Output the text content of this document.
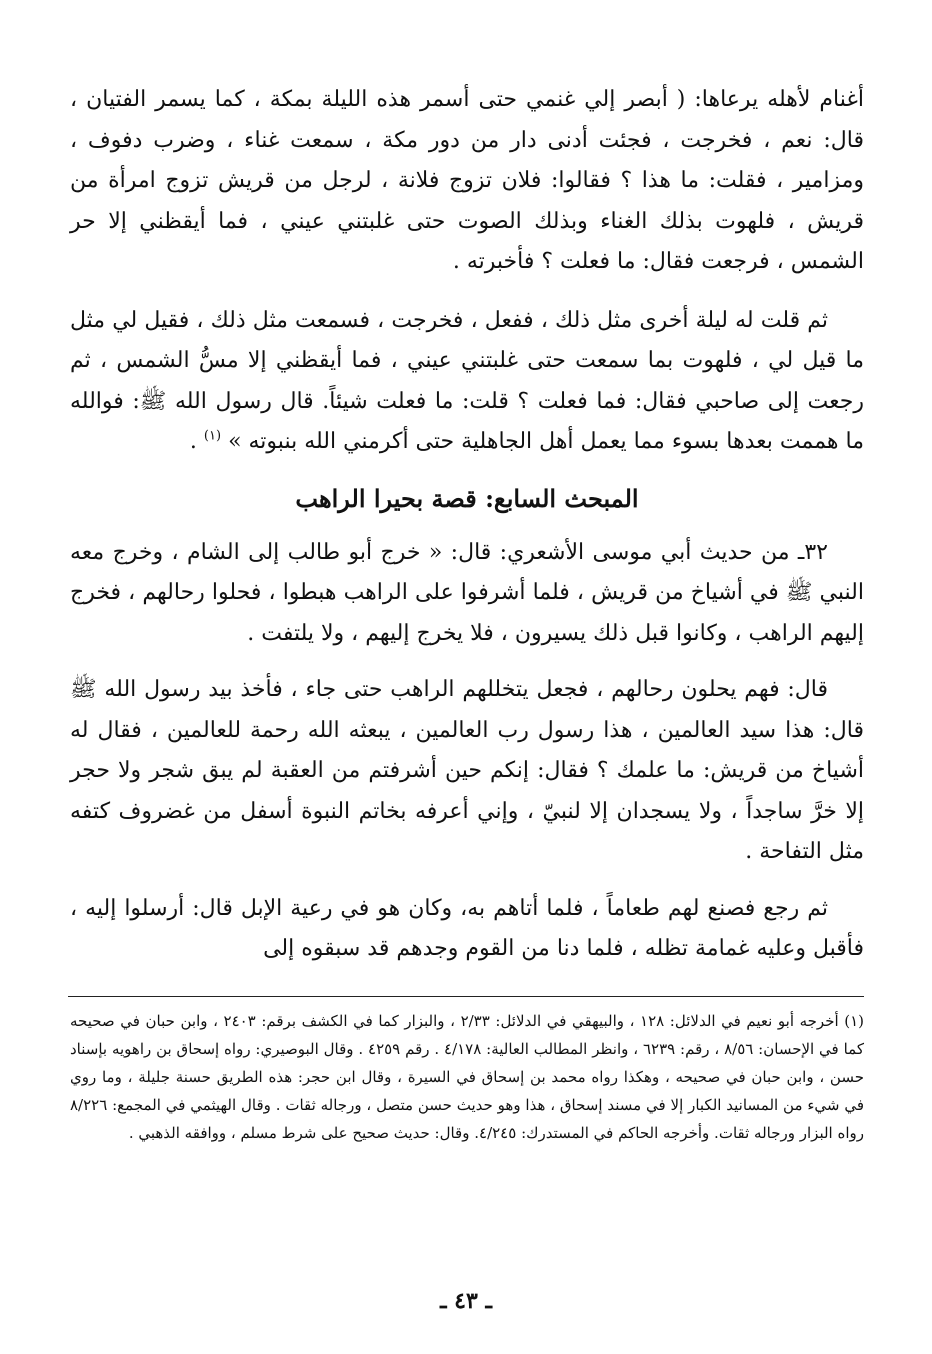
أغنام لأهله يرعاها: ( أبصر إلي غنمي حتى أسمر هذه الليلة بمكة ، كما يسمر الفتيان ، قال: نعم ، فخرجت ، فجئت أدنى دار من دور مكة ، سمعت غناء ، وضرب دفوف ، ومزامير ، فقلت: ما هذا ؟ فقالوا: فلان تزوج فلانة ، لرجل من قريش تزوج امرأة من قريش ، فلهوت بذلك الغناء وبذلك الصوت حتى غلبتني عيني ، فما أيقظني إلا حر الشمس ، فرجعت فقال: ما فعلت ؟ فأخبرته .

ثم قلت له ليلة أخرى مثل ذلك ، ففعل ، فخرجت ، فسمعت مثل ذلك ، فقيل لي مثل ما قيل لي ، فلهوت بما سمعت حتى غلبتني عيني ، فما أيقظني إلا مسُّ الشمس ، ثم رجعت إلى صاحبي فقال: فما فعلت ؟ قلت: ما فعلت شيئاً. قال رسول الله ﷺ: فوالله ما هممت بعدها بسوء مما يعمل أهل الجاهلية حتى أكرمني الله بنبوته » $^{(١)}$ .

المبحث السابع: قصة بحيرا الراهب

٣٢ـ من حديث أبي موسى الأشعري: قال: « خرج أبو طالب إلى الشام ، وخرج معه النبي ﷺ في أشياخ من قريش ، فلما أشرفوا على الراهب هبطوا ، فحلوا رحالهم ، فخرج إليهم الراهب ، وكانوا قبل ذلك يسيرون ، فلا يخرج إليهم ، ولا يلتفت .

قال: فهم يحلون رحالهم ، فجعل يتخللهم الراهب حتى جاء ، فأخذ بيد رسول الله ﷺ قال: هذا سيد العالمين ، هذا رسول رب العالمين ، يبعثه الله رحمة للعالمين ، فقال له أشياخ من قريش: ما علمك ؟ فقال: إنكم حين أشرفتم من العقبة لم يبق شجر ولا حجر إلا خرَّ ساجداً ، ولا يسجدان إلا لنبيّ ، وإني أعرفه بخاتم النبوة أسفل من غضروف كتفه مثل التفاحة .

ثم رجع فصنع لهم طعاماً ، فلما أتاهم به، وكان هو في رعية الإبل قال: أرسلوا إليه ، فأقبل وعليه غمامة تظله ، فلما دنا من القوم وجدهم قد سبقوه إلى

(١) أخرجه أبو نعيم في الدلائل: ١٢٨ ، والبيهقي في الدلائل: ٢/٣٣ ، والبزار كما في الكشف برقم: ٢٤٠٣ ، وابن حبان في صحيحه كما في الإحسان: ٨/٥٦ ، رقم: ٦٢٣٩ ، وانظر المطالب العالية: ٤/١٧٨ . رقم ٤٢٥٩ . وقال البوصيري: رواه إسحاق بن راهويه بإسناد حسن ، وابن حبان في صحيحه ، وهكذا رواه محمد بن إسحاق في السيرة ، وقال ابن حجر: هذه الطريق حسنة جليلة ، وما روي في شيء من المسانيد الكبار إلا في مسند إسحاق ، هذا وهو حديث حسن متصل ، ورجاله ثقات . وقال الهيثمي في المجمع: ٨/٢٢٦ رواه البزار ورجاله ثقات. وأخرجه الحاكم في المستدرك: ٤/٢٤٥. وقال: حديث صحيح على شرط مسلم ، ووافقه الذهبي .

ـ ٤٣ ـ
